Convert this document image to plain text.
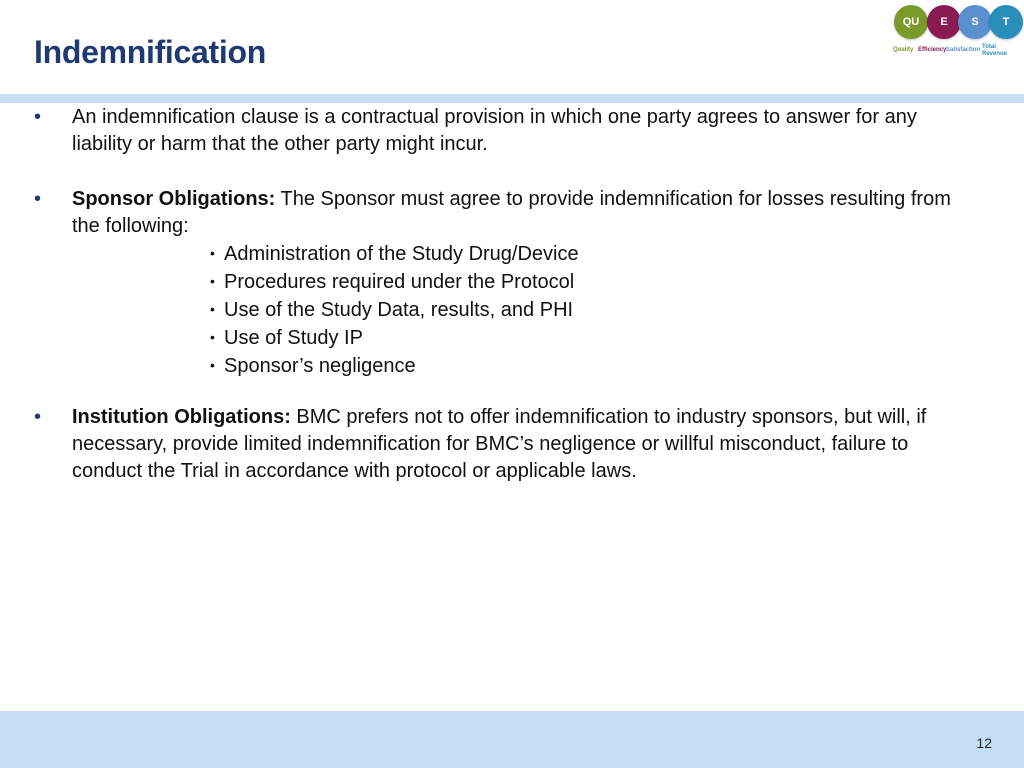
Indemnification
QU	E	S	T
Quality Efficiency Satisfaction Total
Revenue
• An indemnification clause is a contractual provision in which one party agrees to answer for any liability or harm that the other party might incur.

• Sponsor Obligations: The Sponsor must agree to provide indemnification for losses resulting from the following:

• Administration of the Study Drug/Device
• Procedures required under the Protocol
• Use of the Study Data, results, and PHI
• Use of Study IP
• Sponsor’s negligence
• Institution Obligations: BMC prefers not to offer indemnification to industry sponsors, but will, if necessary, provide limited indemnification for BMC’s negligence or willful misconduct, failure to conduct the Trial in accordance with protocol or applicable laws.

12
